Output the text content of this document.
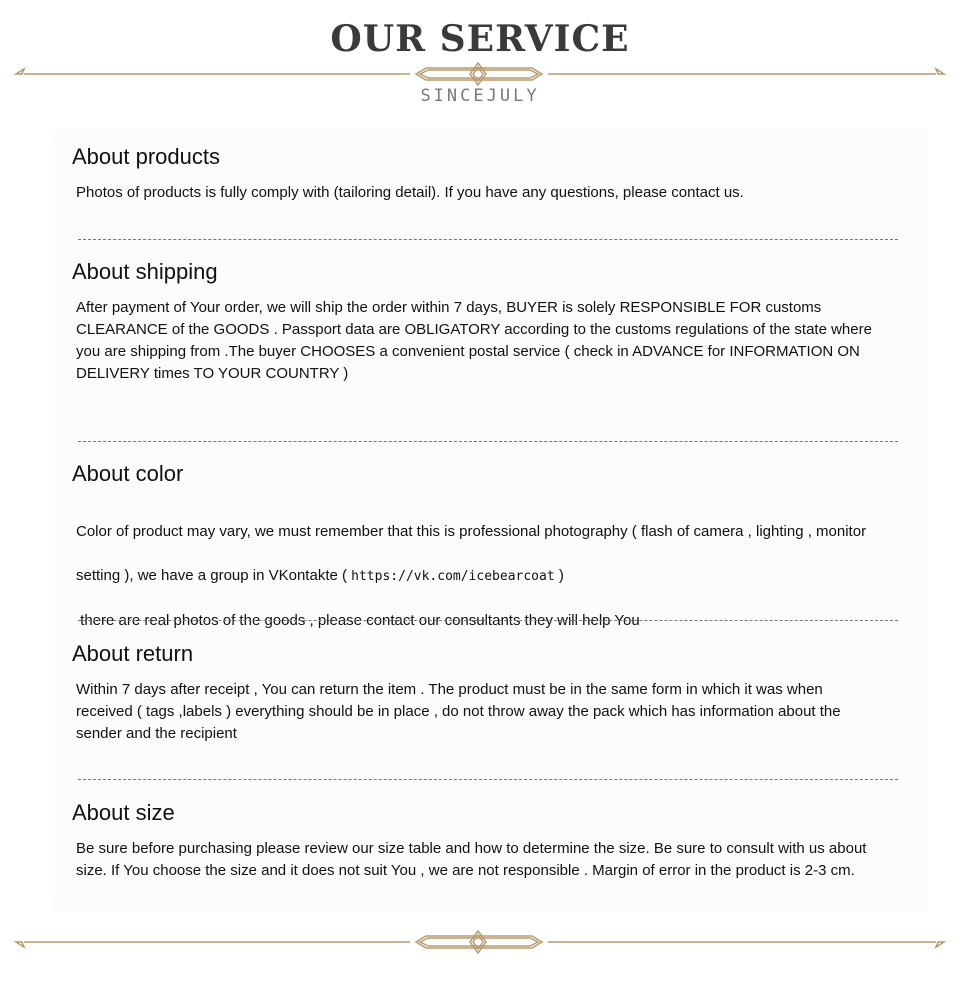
OUR SERVICE
SINCEJULY
About products
Photos of products is fully comply with (tailoring detail). If you have any questions, please contact us.
About shipping
After payment of Your order, we will ship the order within 7 days, BUYER is solely RESPONSIBLE FOR customs
CLEARANCE of the GOODS . Passport data are OBLIGATORY according to the customs regulations of the state where
you are shipping from .The buyer CHOOSES a convenient postal service ( check in ADVANCE for INFORMATION ON
DELIVERY times TO YOUR COUNTRY )
About color

Color of product may vary, we must remember that this is professional photography ( flash of camera , lighting , monitor

setting ), we have a group in VKontakte ( https://vk.com/icebearcoat )

there are real photos of the goods , please contact our consultants they will help You

About return
Within 7 days after receipt , You can return the item . The product must be in the same form in which it was when
received ( tags ,labels ) everything should be in place , do not throw away the pack which has information about the
sender and the recipient
About size
Be sure before purchasing please review our size table and how to determine the size. Be sure to consult with us about
size. If You choose the size and it does not suit You , we are not responsible . Margin of error in the product is 2-3 cm.
